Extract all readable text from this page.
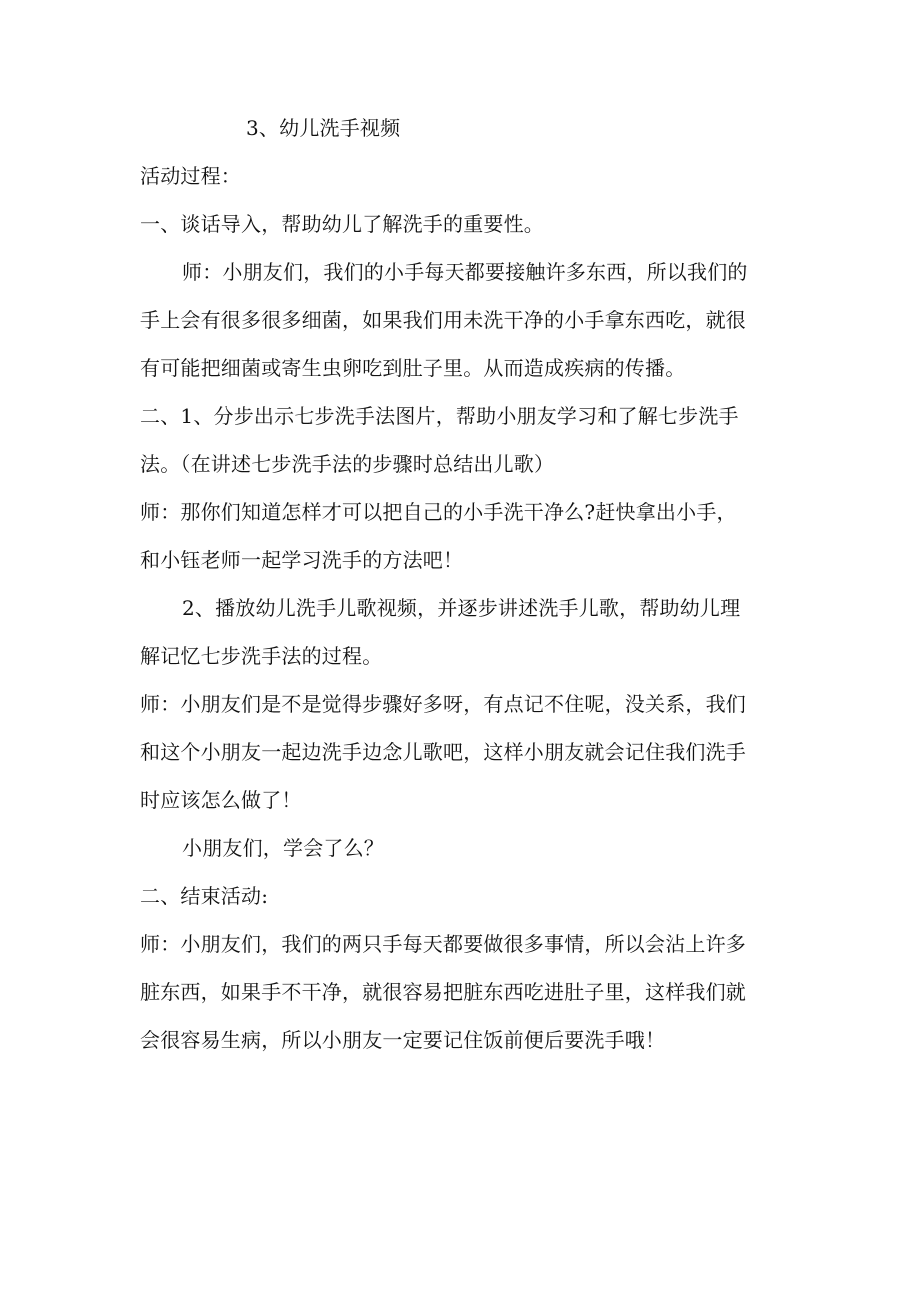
3、幼儿洗手视频
活动过程：
一、谈话导入，帮助幼儿了解洗手的重要性。
师：小朋友们，我们的小手每天都要接触许多东西，所以我们的
手上会有很多很多细菌，如果我们用未洗干净的小手拿东西吃，就很
有可能把细菌或寄生虫卵吃到肚子里。从而造成疾病的传播。
二、1、分步出示七步洗手法图片，帮助小朋友学习和了解七步洗手
法。（在讲述七步洗手法的步骤时总结出儿歌）
师：那你们知道怎样才可以把自己的小手洗干净么?赶快拿出小手，
和小钰老师一起学习洗手的方法吧！
2、播放幼儿洗手儿歌视频，并逐步讲述洗手儿歌，帮助幼儿理
解记忆七步洗手法的过程。
师：小朋友们是不是觉得步骤好多呀，有点记不住呢，没关系，我们
和这个小朋友一起边洗手边念儿歌吧，这样小朋友就会记住我们洗手
时应该怎么做了！
小朋友们，学会了么？
二、结束活动:
师：小朋友们，我们的两只手每天都要做很多事情，所以会沾上许多
脏东西，如果手不干净，就很容易把脏东西吃进肚子里，这样我们就
会很容易生病，所以小朋友一定要记住饭前便后要洗手哦！
